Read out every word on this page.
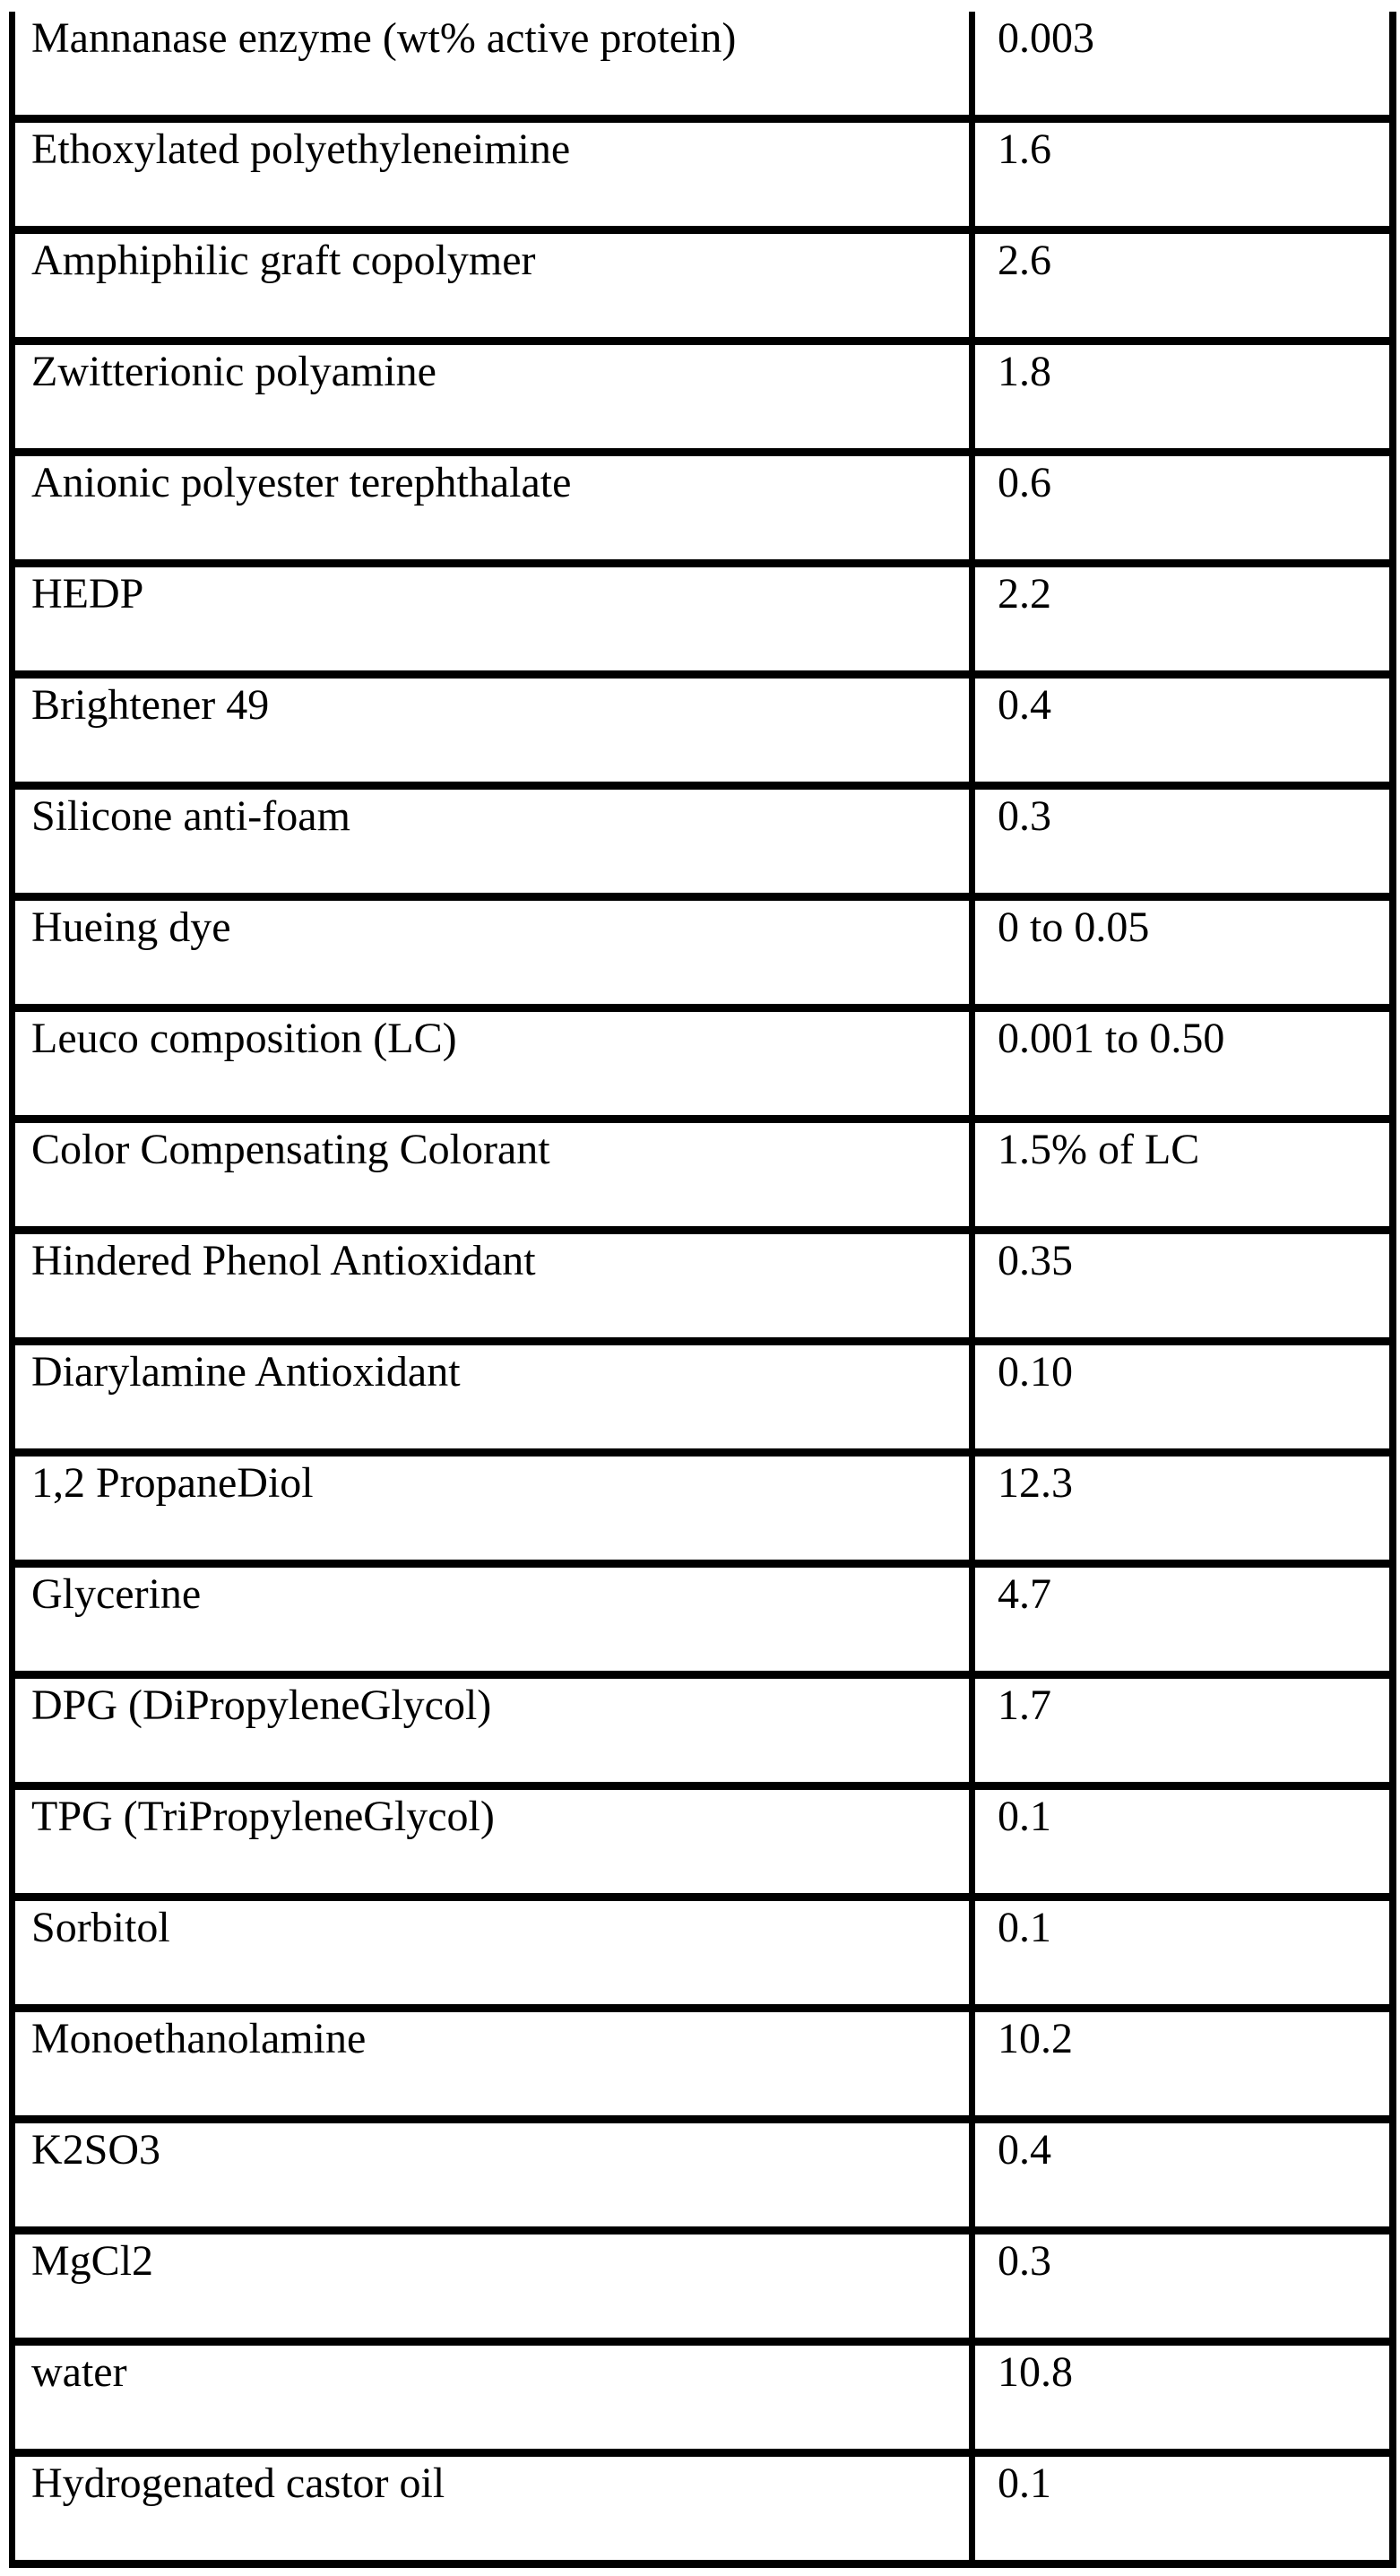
Mannanase enzyme (wt% active protein)	0.003
Ethoxylated polyethyleneimine	1.6
Amphiphilic graft copolymer	2.6
Zwitterionic polyamine	1.8
Anionic polyester terephthalate	0.6
HEDP	2.2
Brightener 49	0.4
Silicone anti-foam	0.3
Hueing dye	0 to 0.05
Leuco composition (LC)	0.001 to 0.50
Color Compensating Colorant	1.5% of LC
Hindered Phenol Antioxidant	0.35
Diarylamine Antioxidant	0.10
1,2 PropaneDiol	12.3
Glycerine	4.7
DPG (DiPropyleneGlycol)	1.7
TPG (TriPropyleneGlycol)	0.1
Sorbitol	0.1
Monoethanolamine	10.2
K2SO3	0.4
MgCl2	0.3
water	10.8
Hydrogenated castor oil	0.1
